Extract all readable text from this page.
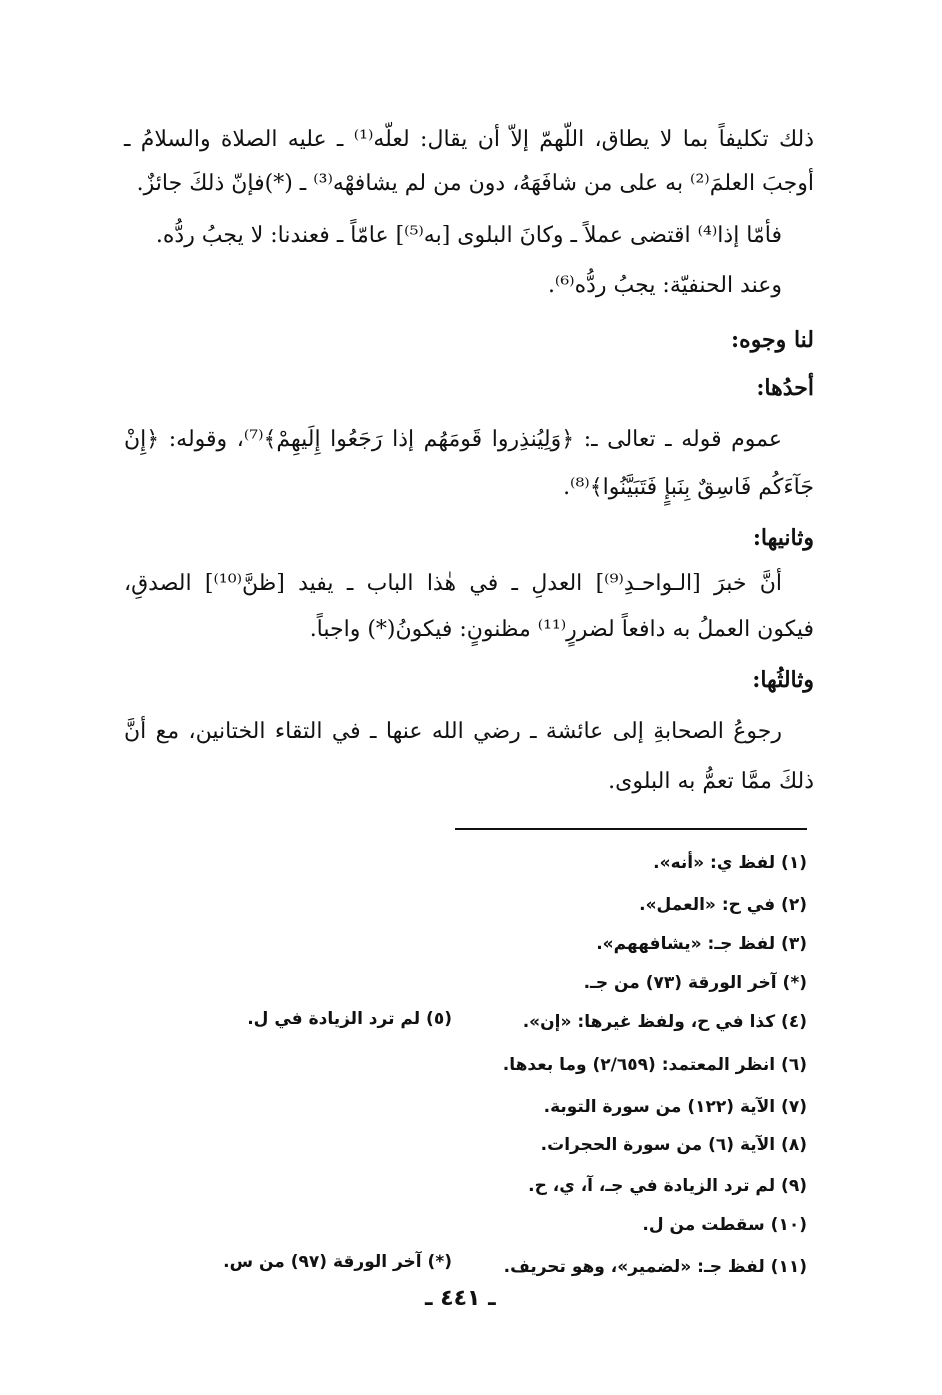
ذلك تكليفاً بما لا يطاق، اللّهمّ إلاّ أن يقال: لعلّه⁽¹⁾ ـ عليه الصلاة والسلامُ ـ
أوجبَ العلمَ⁽²⁾ به على من شافَهَهُ، دون من لم يشافهْه⁽³⁾ ـ (*)فإنّ ذلكَ جائزٌ.
فأمّا إذا⁽⁴⁾ اقتضى عملاً ـ وكانَ البلوى [به⁽⁵⁾] عامّاً ـ فعندنا: لا يجبُ ردُّه.
وعند الحنفيّة: يجبُ ردُّه⁽⁶⁾.
لنا وجوه:
أحدُها:
عموم قوله ـ تعالى ـ: ﴿وَلِيُنذِروا قَومَهُم إذا رَجَعُوا إِلَيهِمْ﴾⁽⁷⁾، وقوله: ﴿إِنْ
جَآءَكُم فَاسِقٌ بِنَبإٍ فَتَبَيَّنُوا﴾⁽⁸⁾.
وثانيها:
أنَّ خبرَ [الـواحـدِ⁽⁹⁾] العدلِ ـ في هٰذا الباب ـ يفيد [ظنَّ⁽¹⁰⁾] الصدقِ،
فيكون العملُ به دافعاً لضررٍ⁽¹¹⁾ مظنونٍ: فيكونُ(*) واجباً.
وثالثُها:
رجوعُ الصحابةِ إلى عائشة ـ رضي الله عنها ـ في التقاء الختانين، مع أنَّ
ذلكَ ممَّا تعمُّ به البلوى.
(١) لفظ ي: «أنه».
(٢) في ح: «العمل».
(٣) لفظ جـ: «يشافههم».
(*) آخر الورقة (٧٣) من جـ.
(٤) كذا في ح، ولفظ غيرها: «إن».
(٥) لم ترد الزيادة في ل.
(٦) انظر المعتمد: (٢/٦٥٩) وما بعدها.
(٧) الآية (١٢٢) من سورة التوبة.
(٨) الآية (٦) من سورة الحجرات.
(٩) لم ترد الزيادة في جـ، آ، ي، ح.
(١٠) سقطت من ل.
(١١) لفظ جـ: «لضمير»، وهو تحريف.
(*) آخر الورقة (٩٧) من س.
ـ ٤٤١ ـ
